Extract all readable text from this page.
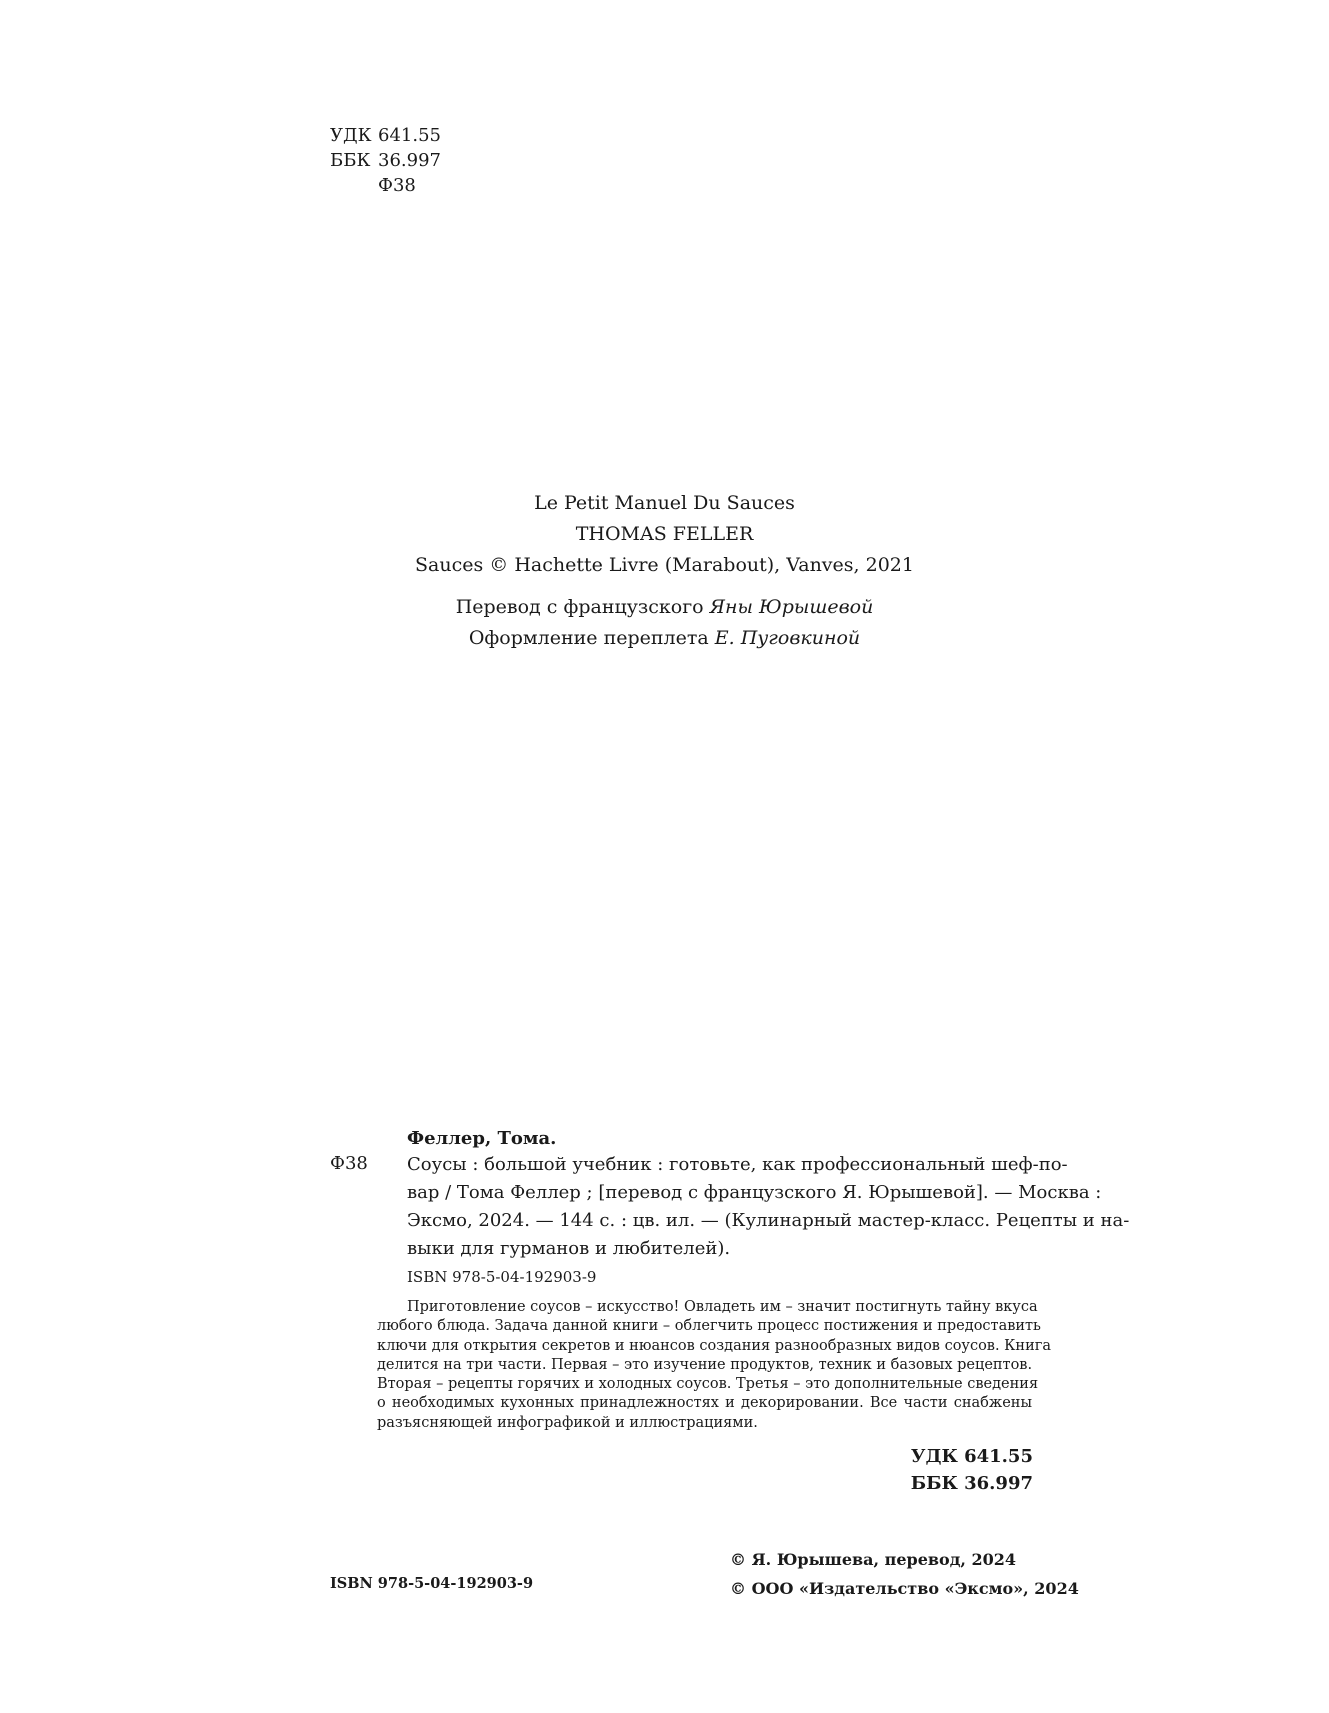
УДК 641.55
ББК 36.997
Ф38
Le Petit Manuel Du Sauces
THOMAS FELLER
Sauces © Hachette Livre (Marabout), Vanves, 2021
Перевод с французского Яны Юрышевой
Оформление переплета Е. Пуговкиной
Феллер, Тома.
Ф38 Соусы : большой учебник : готовьте, как профессиональный шеф-по-
вар / Тома Феллер ; [перевод с французского Я. Юрышевой]. — Москва :
Эксмо, 2024. — 144 с. : цв. ил. — (Кулинарный мастер-класс. Рецепты и на-
выки для гурманов и любителей).
ISBN 978-5-04-192903-9
Приготовление соусов – искусство! Овладеть им – значит постигнуть тайну вкуса
любого блюда. Задача данной книги – облегчить процесс постижения и предоставить
ключи для открытия секретов и нюансов создания разнообразных видов соусов. Книга
делится на три части. Первая – это изучение продуктов, техник и базовых рецептов.
Вторая – рецепты горячих и холодных соусов. Третья – это дополнительные сведения
о необходимых кухонных принадлежностях и декорировании. Все части снабжены
разъясняющей инфографикой и иллюстрациями.
УДК 641.55
ББК 36.997
ISBN 978-5-04-192903-9
© Я. Юрышева, перевод, 2024
© ООО «Издательство «Эксмо», 2024
